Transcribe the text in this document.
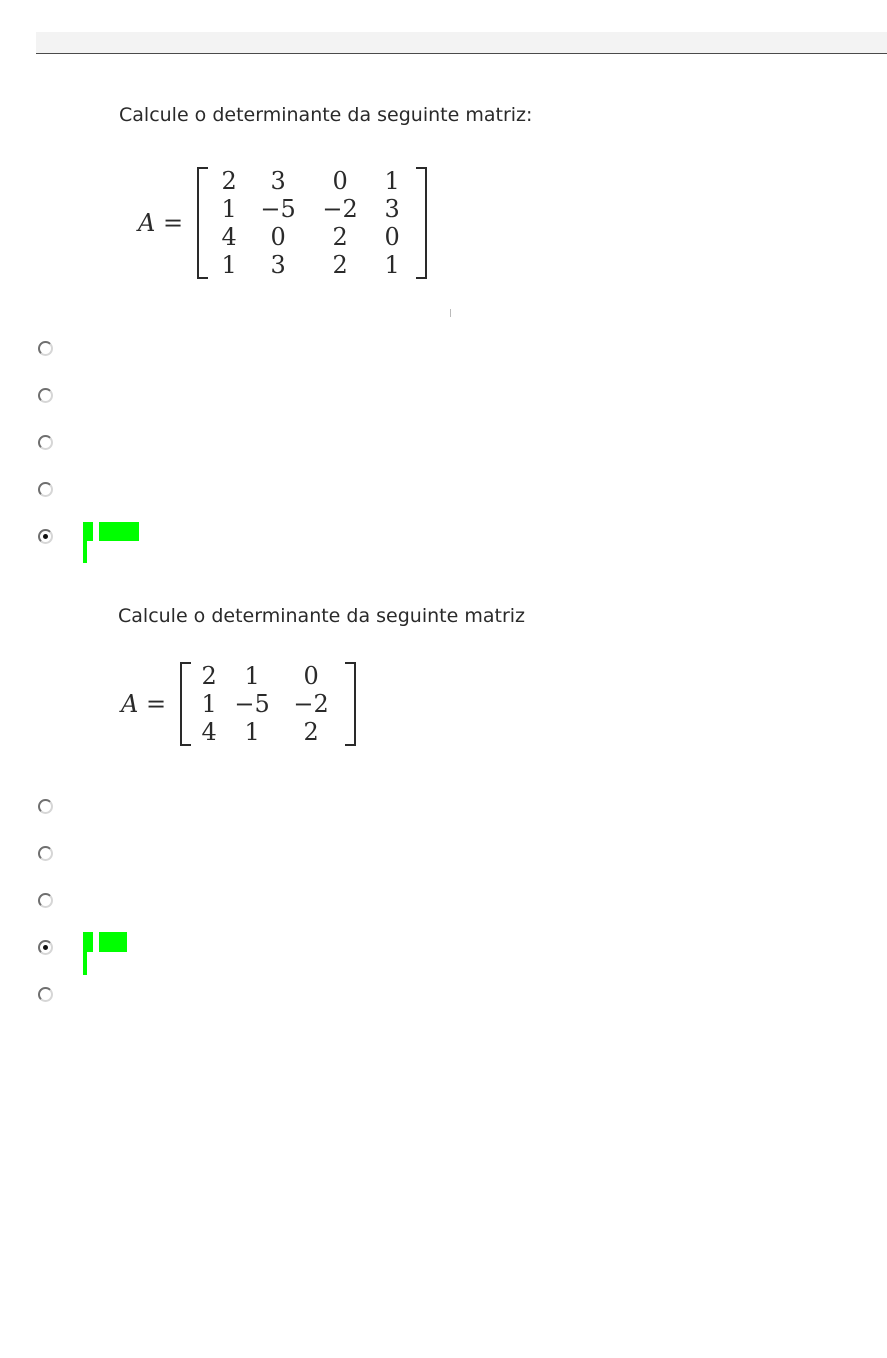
Calcule o determinante da seguinte matriz:
A =
2	3	0	1
1	−5	−2	3
4	0	2	0
1	3	2	1
Calcule o determinante da seguinte matriz
A =
2	1	0
1	−5	−2
4	1	2
